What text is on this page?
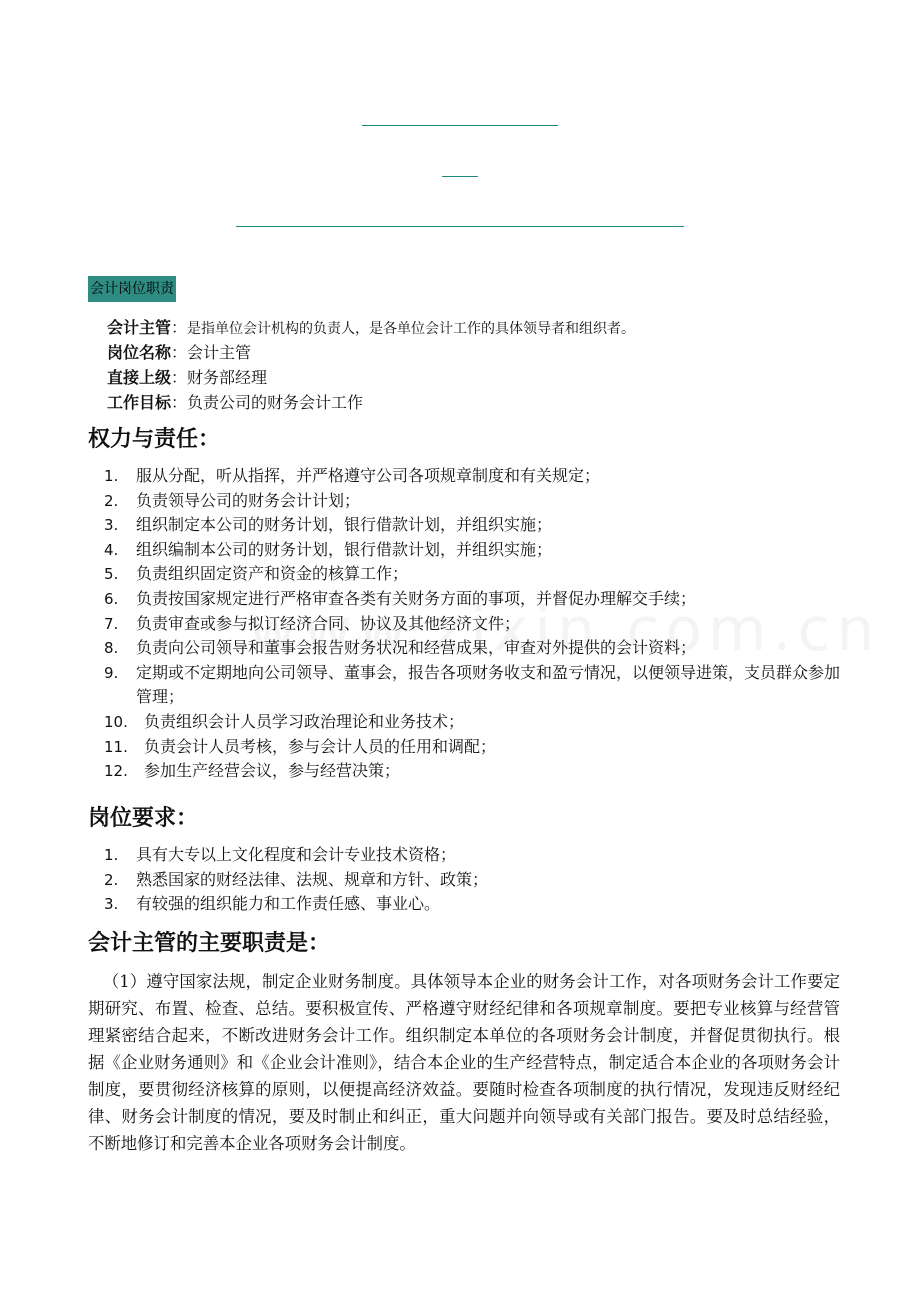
会计岗位职责
会计主管：是指单位会计机构的负责人，是各单位会计工作的具体领导者和组织者。
岗位名称：会计主管
直接上级：财务部经理
工作目标：负责公司的财务会计工作
权力与责任：
1. 服从分配，听从指挥，并严格遵守公司各项规章制度和有关规定；
2. 负责领导公司的财务会计计划；
3. 组织制定本公司的财务计划，银行借款计划，并组织实施；
4. 组织编制本公司的财务计划，银行借款计划，并组织实施；
5. 负责组织固定资产和资金的核算工作；
6. 负责按国家规定进行严格审查各类有关财务方面的事项，并督促办理解交手续；
7. 负责审查或参与拟订经济合同、协议及其他经济文件；
8. 负责向公司领导和董事会报告财务状况和经营成果，审查对外提供的会计资料；
9. 定期或不定期地向公司领导、董事会，报告各项财务收支和盈亏情况，以便领导进策，支员群众参加管理；
10. 负责组织会计人员学习政治理论和业务技术；
11. 负责会计人员考核，参与会计人员的任用和调配；
12. 参加生产经营会议，参与经营决策；
岗位要求：
1. 具有大专以上文化程度和会计专业技术资格；
2. 熟悉国家的财经法律、法规、规章和方针、政策；
3. 有较强的组织能力和工作责任感、事业心。
会计主管的主要职责是：

（1）遵守国家法规，制定企业财务制度。具体领导本企业的财务会计工作，对各项财务会计工作要定期研究、布置、检查、总结。要积极宣传、严格遵守财经纪律和各项规章制度。要把专业核算与经营管理紧密结合起来，不断改进财务会计工作。组织制定本单位的各项财务会计制度，并督促贯彻执行。根据《企业财务通则》和《企业会计准则》，结合本企业的生产经营特点，制定适合本企业的各项财务会计制度，要贯彻经济核算的原则，以便提高经济效益。要随时检查各项制度的执行情况，发现违反财经纪律、财务会计制度的情况，要及时制止和纠正，重大问题并向领导或有关部门报告。要及时总结经验，不断地修订和完善本企业各项财务会计制度。
